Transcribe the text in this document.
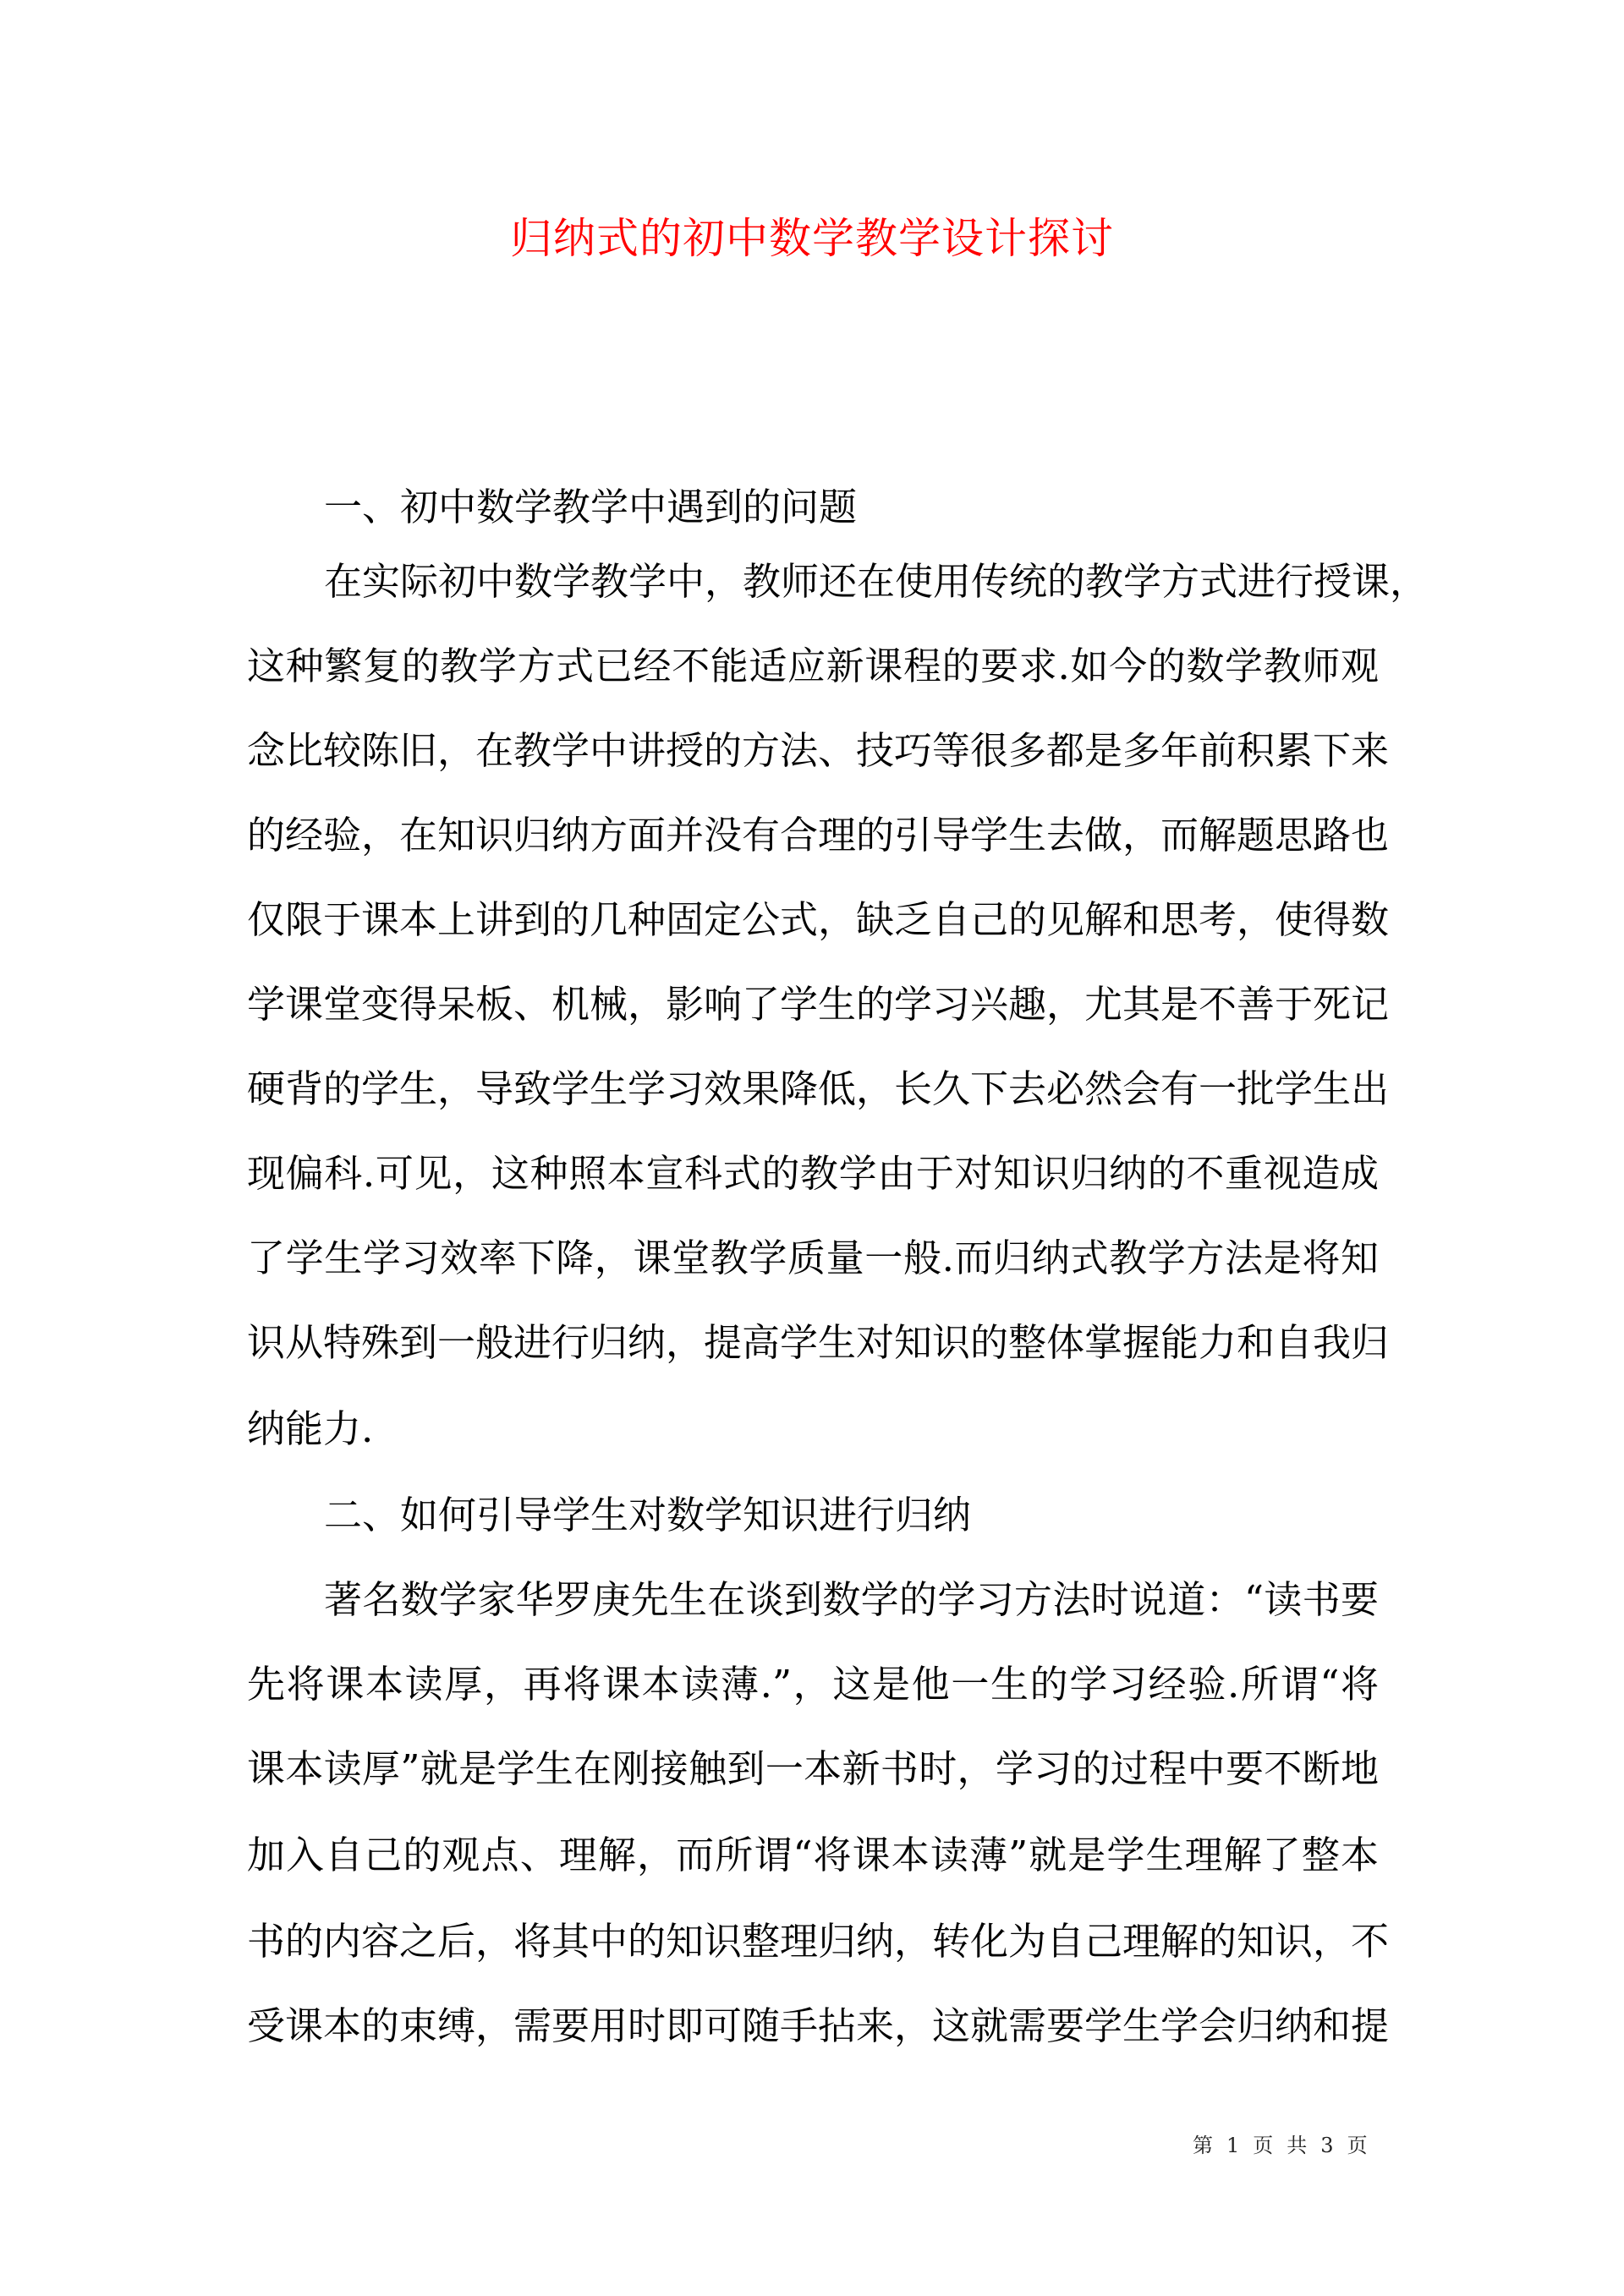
归纳式的初中数学教学设计探讨
一、初中数学教学中遇到的问题
在实际初中数学教学中，教师还在使用传统的教学方式进行授课，
这种繁复的教学方式已经不能适应新课程的要求.如今的数学教师观
念比较陈旧，在教学中讲授的方法、技巧等很多都是多年前积累下来
的经验，在知识归纳方面并没有合理的引导学生去做，而解题思路也
仅限于课本上讲到的几种固定公式，缺乏自己的见解和思考，使得数
学课堂变得呆板、机械，影响了学生的学习兴趣，尤其是不善于死记
硬背的学生，导致学生学习效果降低，长久下去必然会有一批学生出
现偏科.可见，这种照本宣科式的教学由于对知识归纳的不重视造成
了学生学习效率下降，课堂教学质量一般.而归纳式教学方法是将知
识从特殊到一般进行归纳，提高学生对知识的整体掌握能力和自我归
纳能力.
二、如何引导学生对数学知识进行归纳
著名数学家华罗庚先生在谈到数学的学习方法时说道：“读书要
先将课本读厚，再将课本读薄.”，这是他一生的学习经验.所谓“将
课本读厚”就是学生在刚接触到一本新书时，学习的过程中要不断地
加入自己的观点、理解，而所谓“将课本读薄”就是学生理解了整本
书的内容之后，将其中的知识整理归纳，转化为自己理解的知识，不
受课本的束缚，需要用时即可随手拈来，这就需要学生学会归纳和提
第 1 页 共 3 页
